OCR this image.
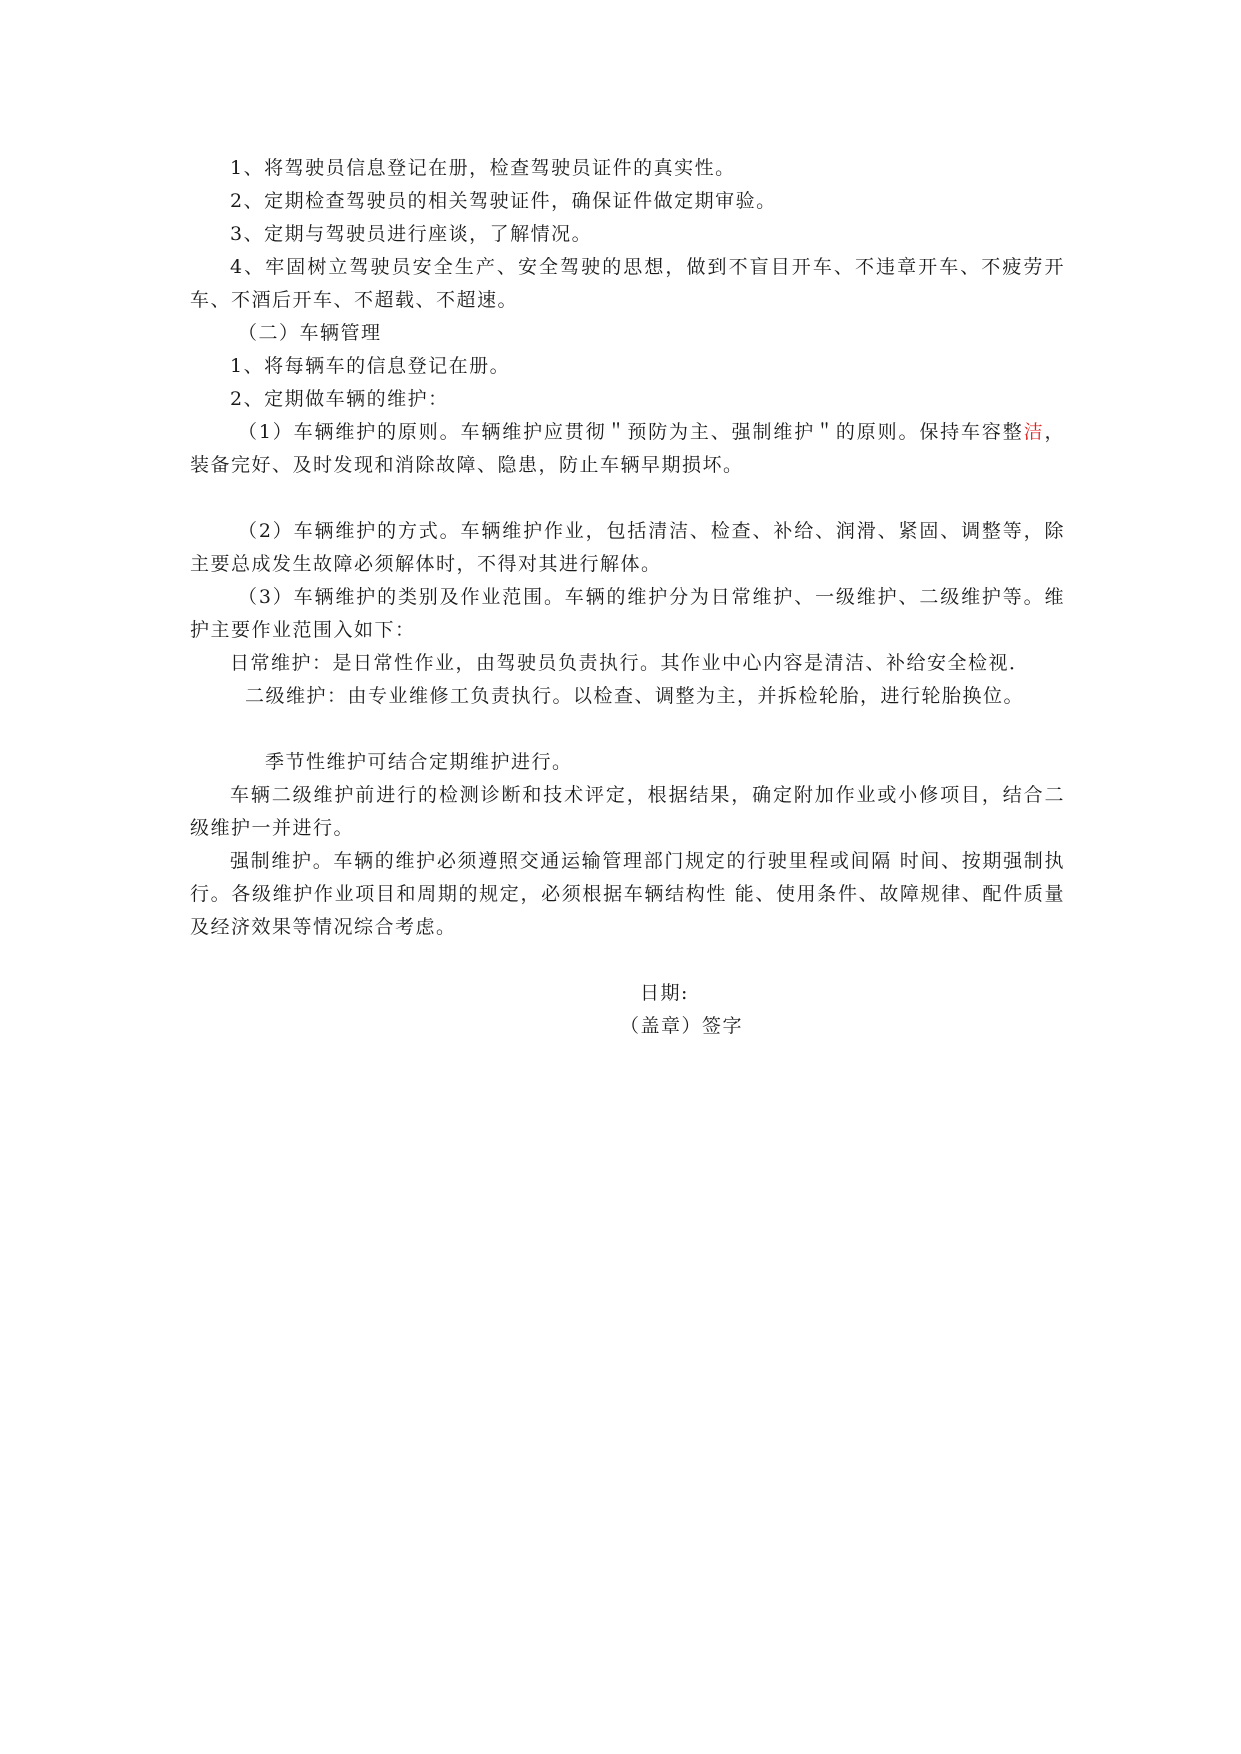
1、将驾驶员信息登记在册，检查驾驶员证件的真实性。

2、定期检查驾驶员的相关驾驶证件，确保证件做定期审验。

3、定期与驾驶员进行座谈，了解情况。

4、牢固树立驾驶员安全生产、安全驾驶的思想，做到不盲目开车、不违章开车、不疲劳开车、不酒后开车、不超载、不超速。

（二）车辆管理

1、将每辆车的信息登记在册。

2、定期做车辆的维护：

（1）车辆维护的原则。车辆维护应贯彻＂预防为主、强制维护＂的原则。保持车容整洁，装备完好、及时发现和消除故障、隐患，防止车辆早期损坏。

（2）车辆维护的方式。车辆维护作业，包括清洁、检查、补给、润滑、紧固、调整等，除主要总成发生故障必须解体时，不得对其进行解体。

（3）车辆维护的类别及作业范围。车辆的维护分为日常维护、一级维护、二级维护等。维护主要作业范围入如下：

日常维护：是日常性作业，由驾驶员负责执行。其作业中心内容是清洁、补给安全检视．

二级维护：由专业维修工负责执行。以检查、调整为主，并拆检轮胎，进行轮胎换位。

季节性维护可结合定期维护进行。

车辆二级维护前进行的检测诊断和技术评定，根据结果，确定附加作业或小修项目，结合二级维护一并进行。

强制维护。车辆的维护必须遵照交通运输管理部门规定的行驶里程或间隔 时间、按期强制执行。各级维护作业项目和周期的规定，必须根据车辆结构性 能、使用条件、故障规律、配件质量及经济效果等情况综合考虑。

日期:

（盖章）签字
